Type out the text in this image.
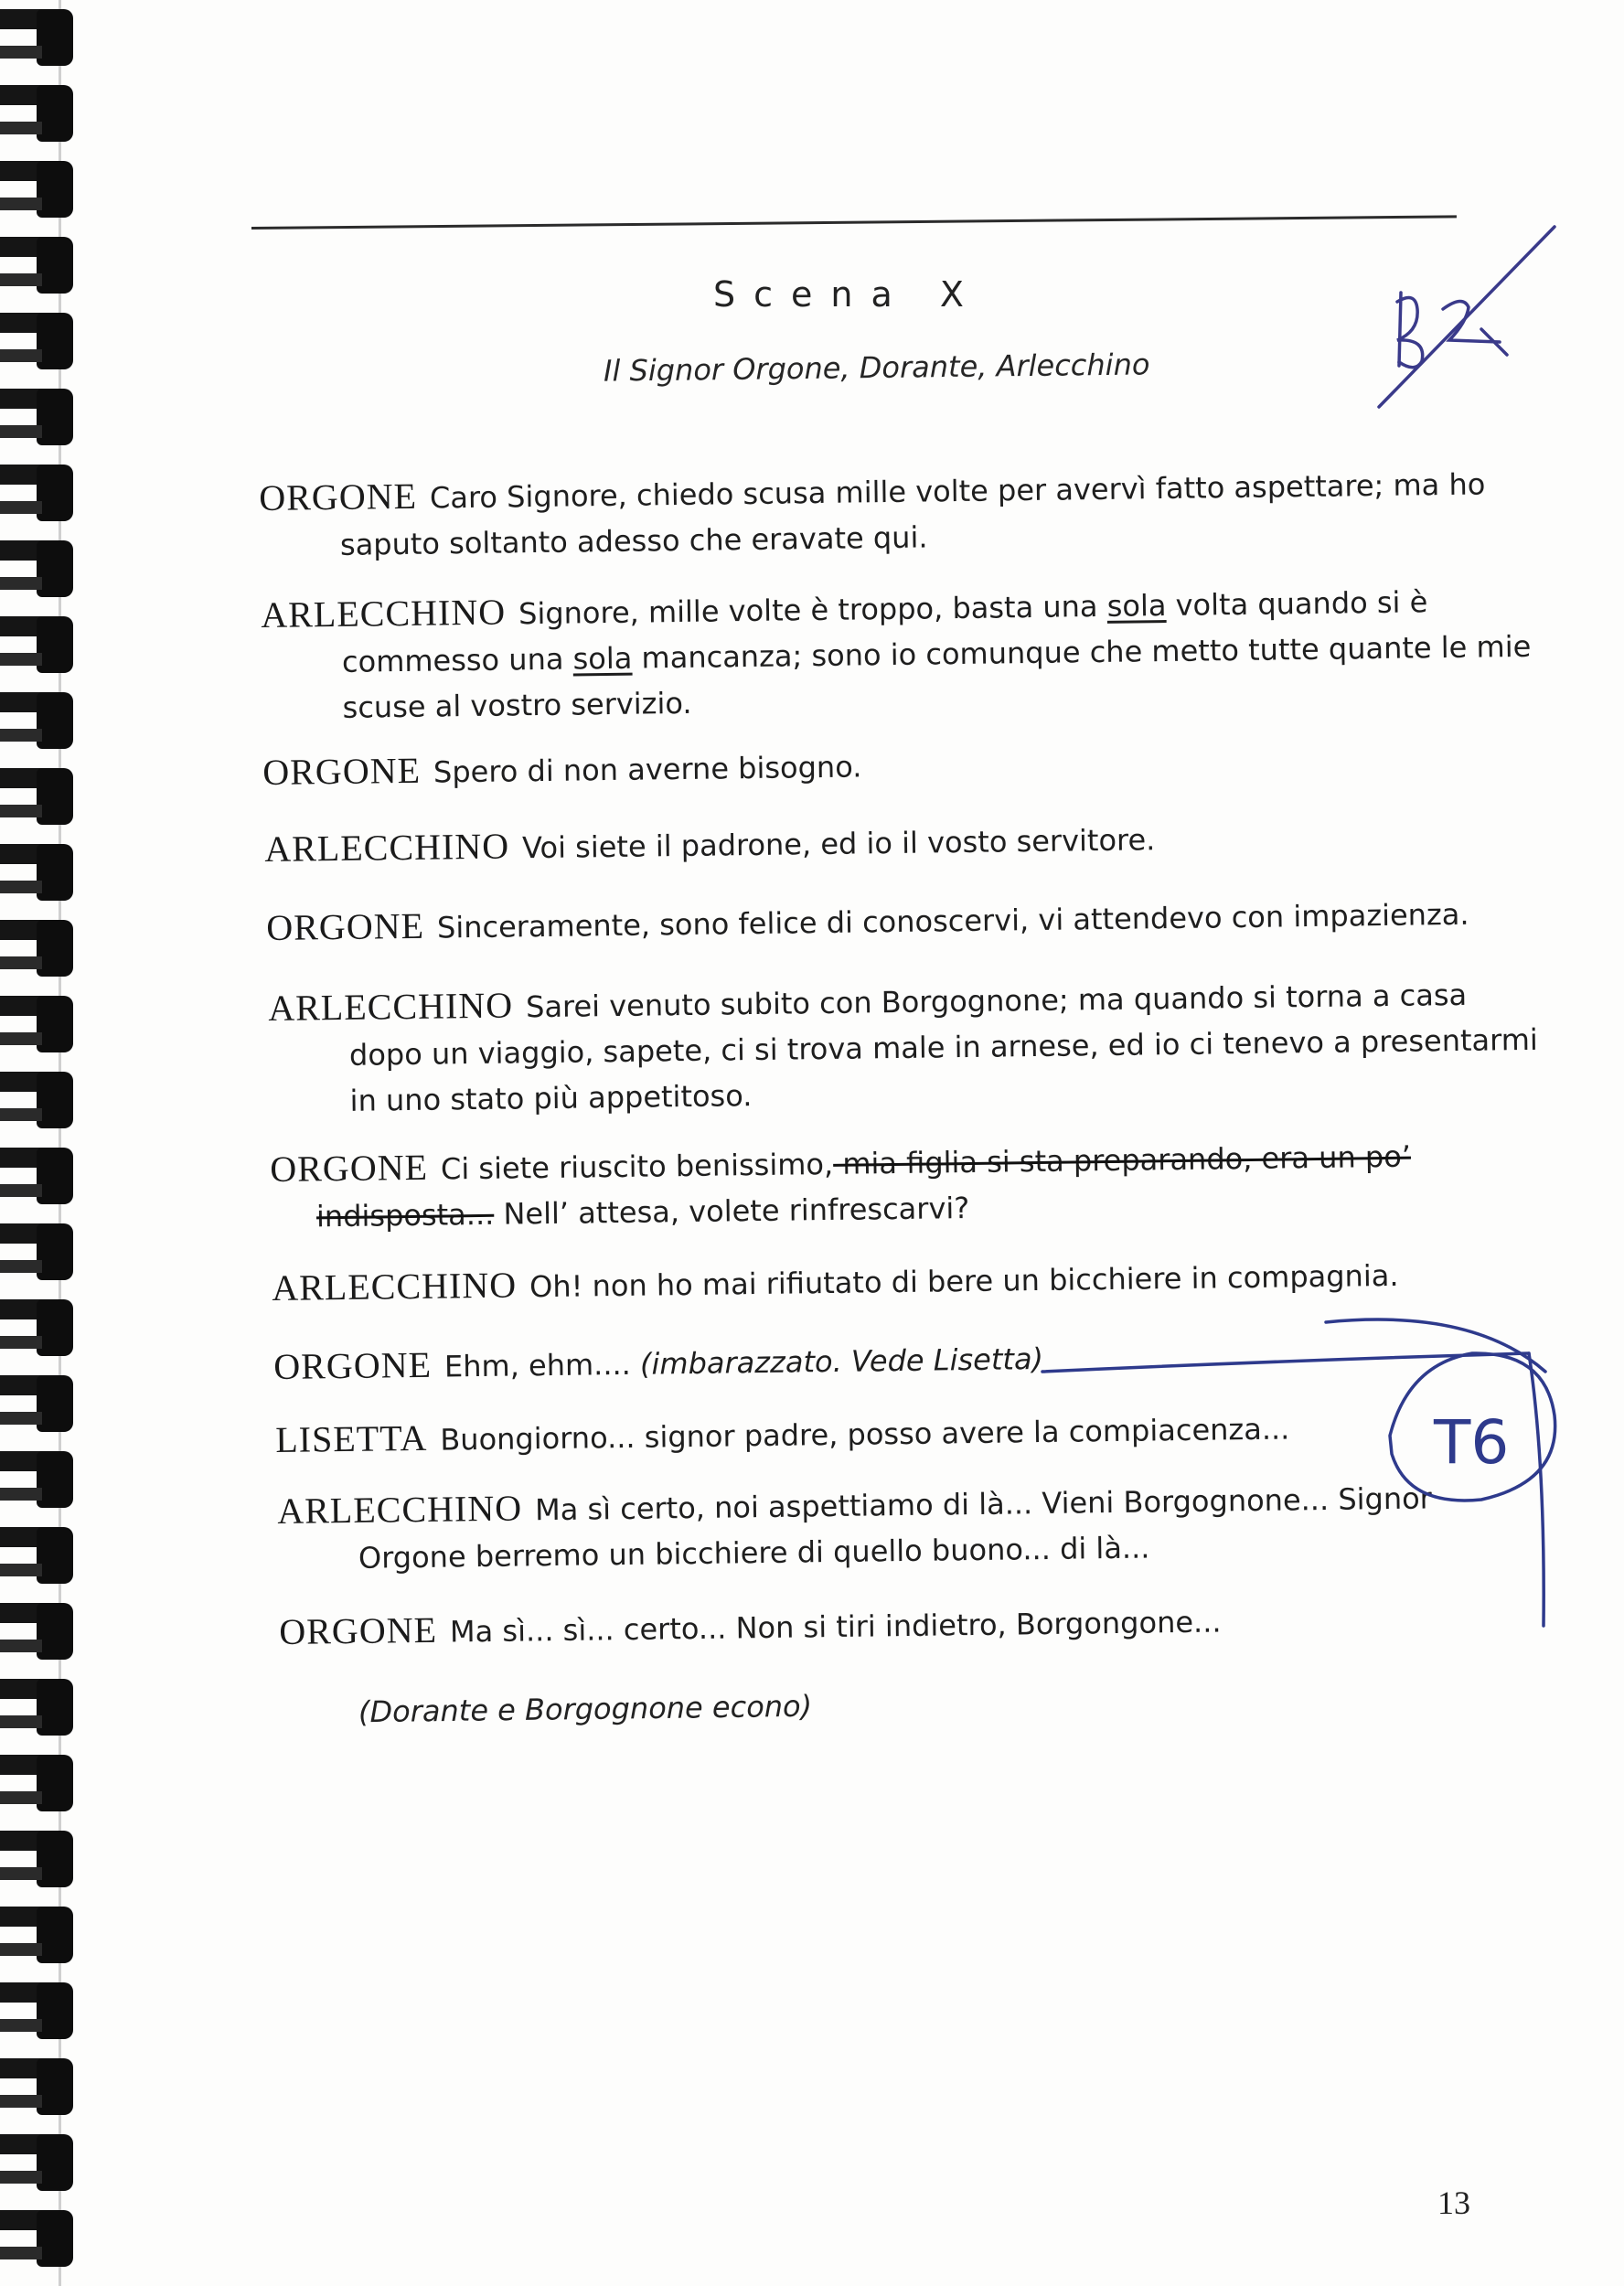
Scena X
Il Signor Orgone, Dorante, Arlecchino
ORGONE Caro Signore, chiedo scusa mille volte per avervì fatto aspettare; ma ho
saputo soltanto adesso che eravate qui.
ARLECCHINO Signore, mille volte è troppo, basta una sola volta quando si è
commesso una sola mancanza; sono io comunque che metto tutte quante le mie
scuse al vostro servizio.
ORGONE Spero di non averne bisogno.
ARLECCHINO Voi siete il padrone, ed io il vosto servitore.
ORGONE Sinceramente, sono felice di conoscervi, vi attendevo con impazienza.
ARLECCHINO Sarei venuto subito con Borgognone; ma quando si torna a casa
dopo un viaggio, sapete, ci si trova male in arnese, ed io ci tenevo a presentarmi
in uno stato più appetitoso.
ORGONE Ci siete riuscito benissimo, mia figlia si sta preparando, era un po’
indisposta... Nell’ attesa, volete rinfrescarvi?
ARLECCHINO Oh! non ho mai rifiutato di bere un bicchiere in compagnia.
ORGONE Ehm, ehm.... (imbarazzato. Vede Lisetta)
LISETTA Buongiorno... signor padre, posso avere la compiacenza...
ARLECCHINO Ma sì certo, noi aspettiamo di là... Vieni Borgognone... Signor
Orgone berremo un bicchiere di quello buono... di là...
ORGONE Ma sì... sì... certo... Non si tiri indietro, Borgongone...
(Dorante e Borgognone econo)
T6
13
